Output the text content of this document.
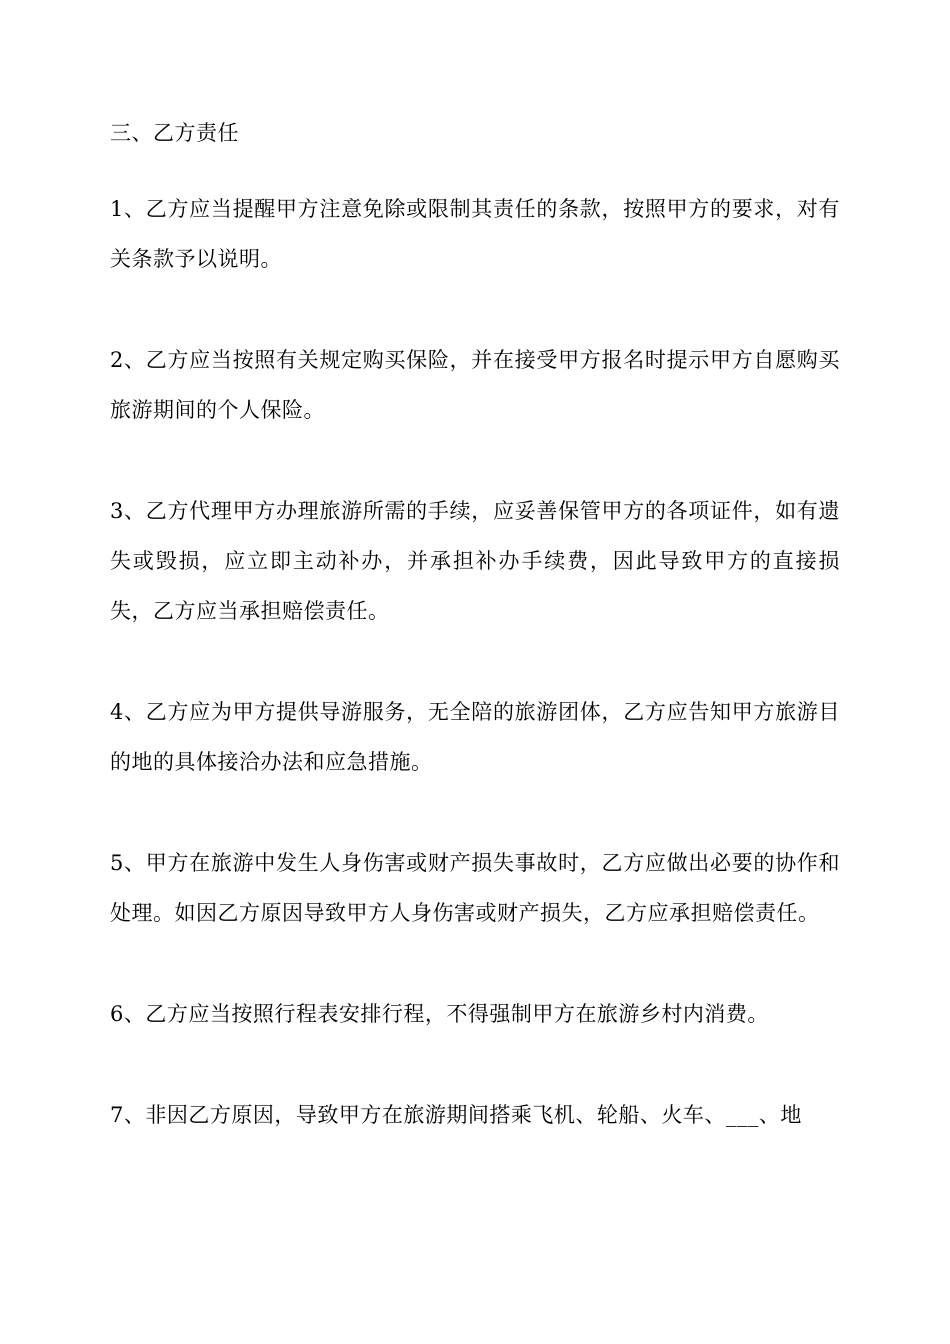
三、乙方责任
1、乙方应当提醒甲方注意免除或限制其责任的条款，按照甲方的要求，对有关条款予以说明。
2、乙方应当按照有关规定购买保险，并在接受甲方报名时提示甲方自愿购买旅游期间的个人保险。
3、乙方代理甲方办理旅游所需的手续，应妥善保管甲方的各项证件，如有遗失或毁损，应立即主动补办，并承担补办手续费，因此导致甲方的直接损失，乙方应当承担赔偿责任。
4、乙方应为甲方提供导游服务，无全陪的旅游团体，乙方应告知甲方旅游目的地的具体接洽办法和应急措施。
5、甲方在旅游中发生人身伤害或财产损失事故时，乙方应做出必要的协作和处理。如因乙方原因导致甲方人身伤害或财产损失，乙方应承担赔偿责任。
6、乙方应当按照行程表安排行程，不得强制甲方在旅游乡村内消费。
7、非因乙方原因，导致甲方在旅游期间搭乘飞机、轮船、火车、___、地
